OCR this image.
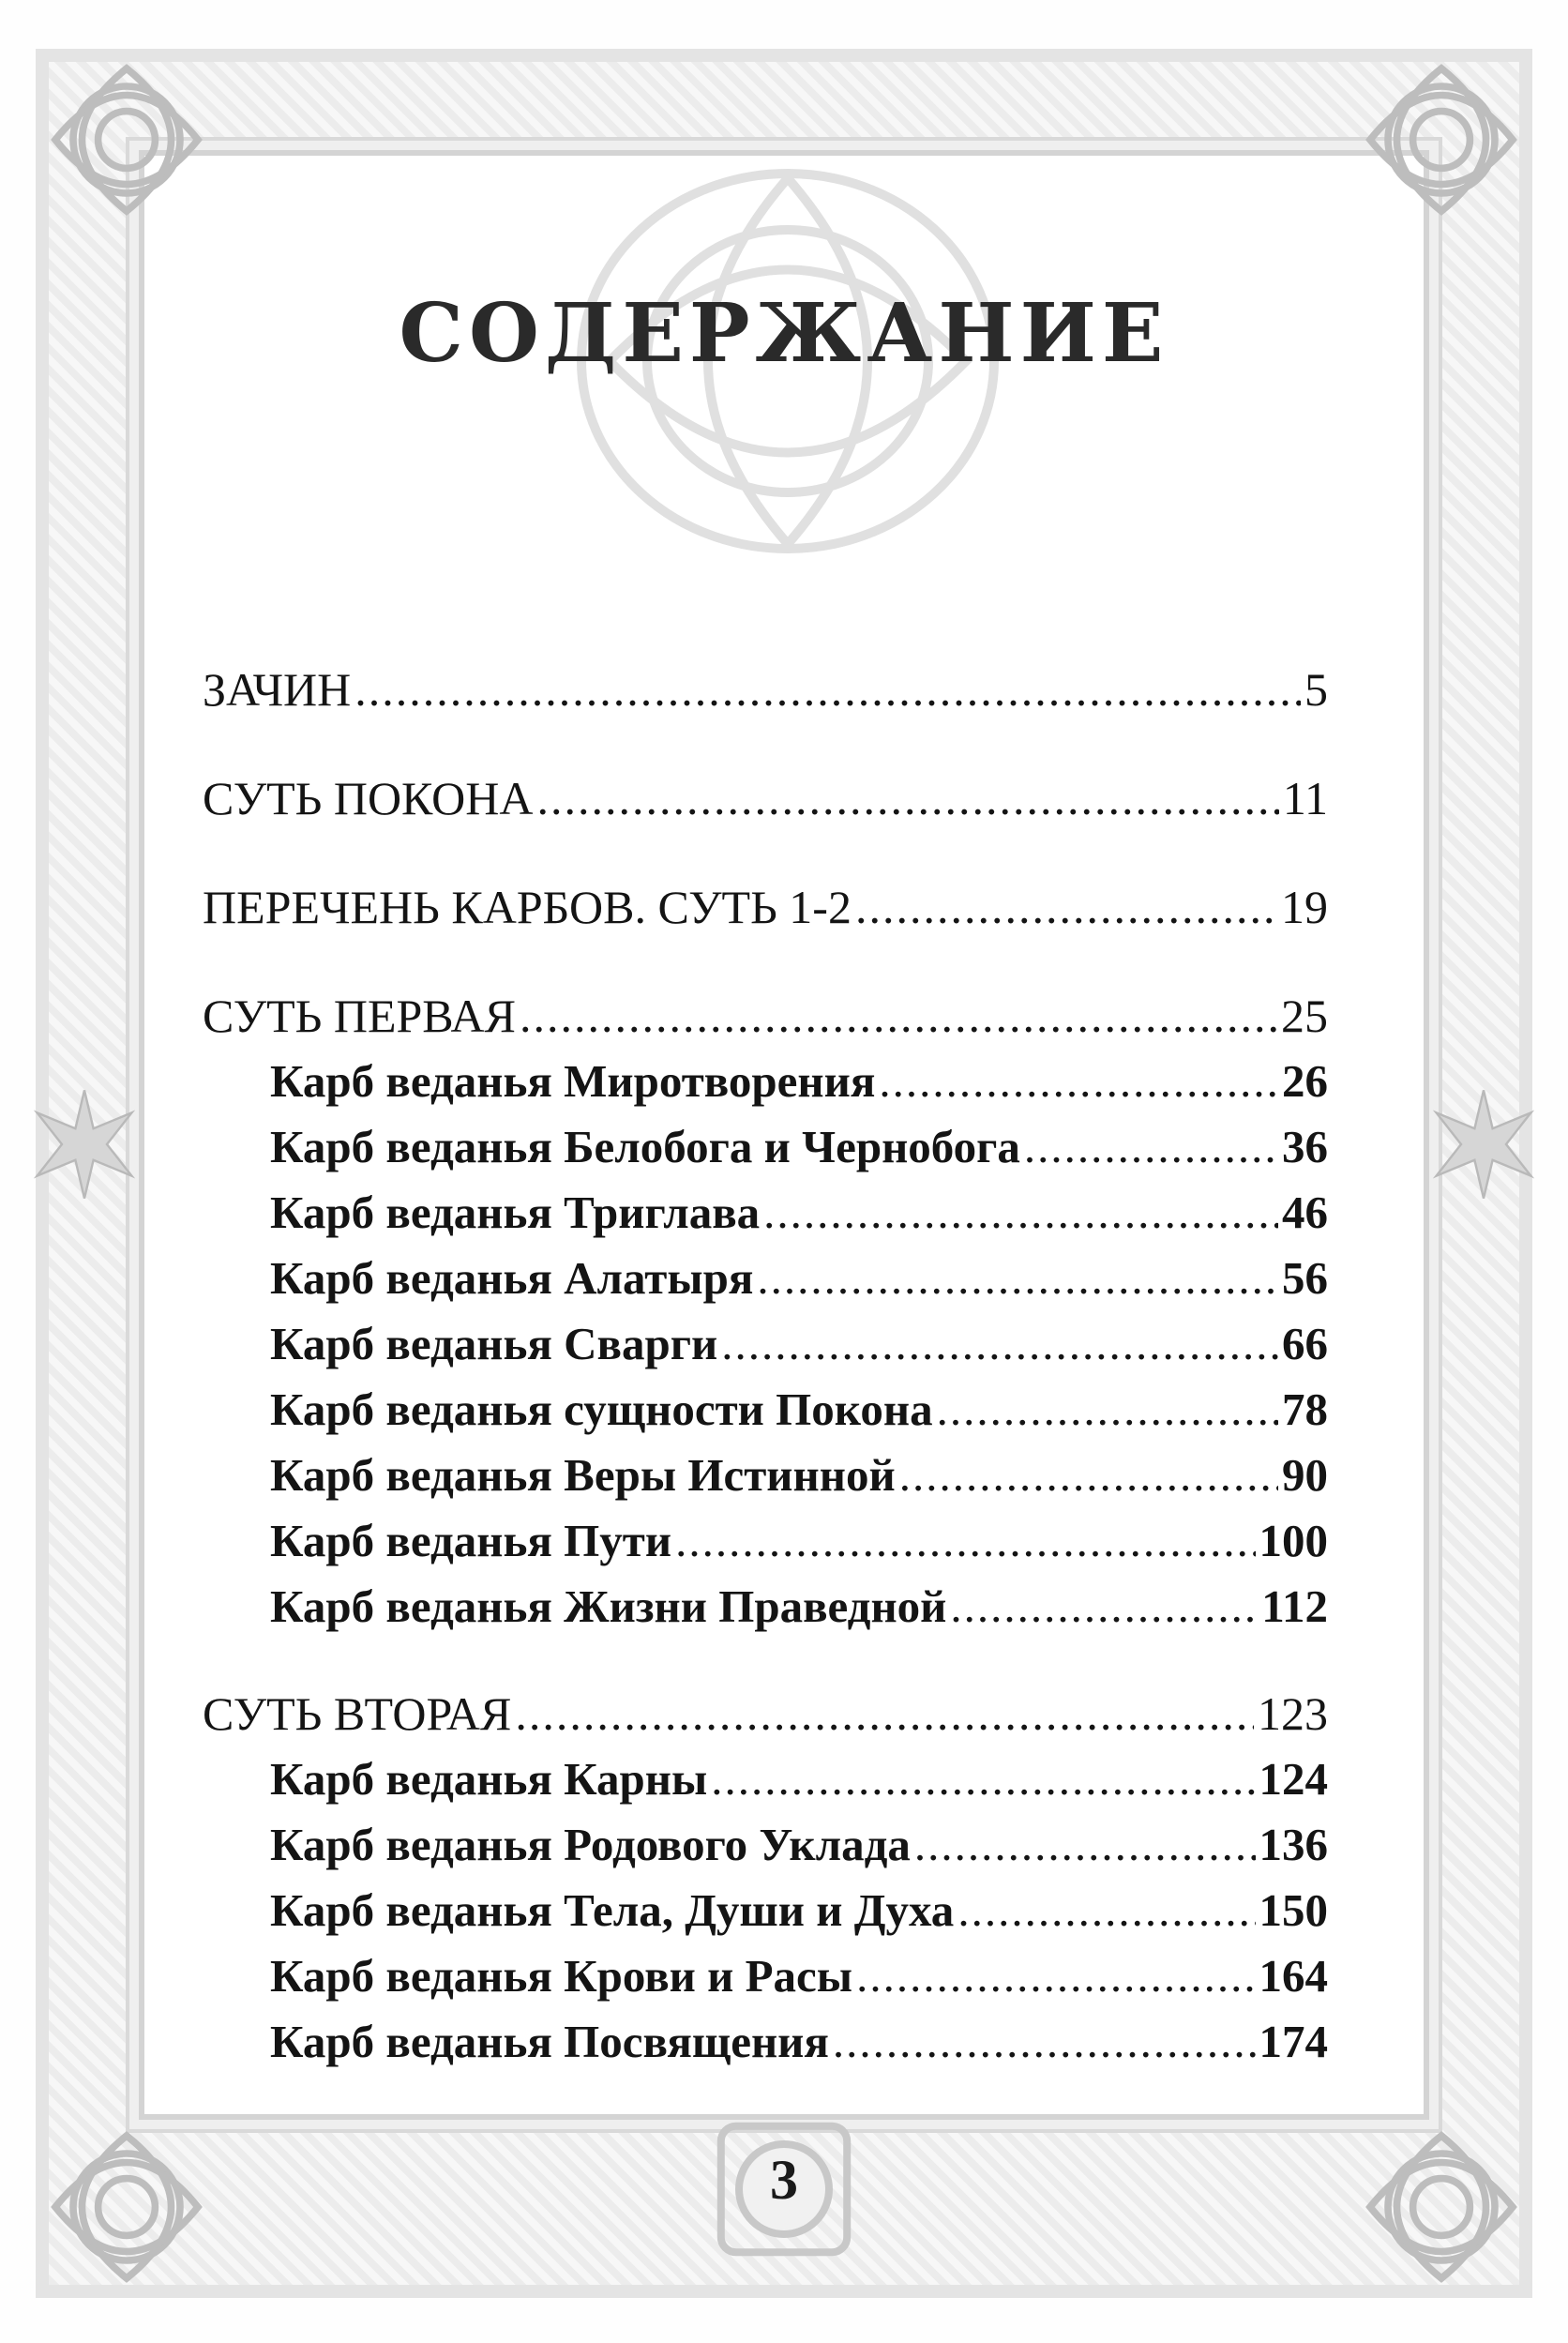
СОДЕРЖАНИЕ
ЗАЧИН .....	5
СУТЬ ПОКОНА .....	11
ПЕРЕЧЕНЬ КАРБОВ. СУТЬ 1-2 .....	19
СУТЬ ПЕРВАЯ .....	25
Карб веданья Миротворения .....	26
Карб веданья Белобога и Чернобога .....	36
Карб веданья Триглава .....	46
Карб веданья Алатыря .....	56
Карб веданья Сварги .....	66
Карб веданья сущности Покона .....	78
Карб веданья Веры Истинной .....	90
Карб веданья Пути .....	100
Карб веданья Жизни Праведной .....	112
СУТЬ ВТОРАЯ .....	123
Карб веданья Карны .....	124
Карб веданья Родового Уклада .....	136
Карб веданья Тела, Души и Духа .....	150
Карб веданья Крови и Расы .....	164
Карб веданья Посвящения .....	174
3
